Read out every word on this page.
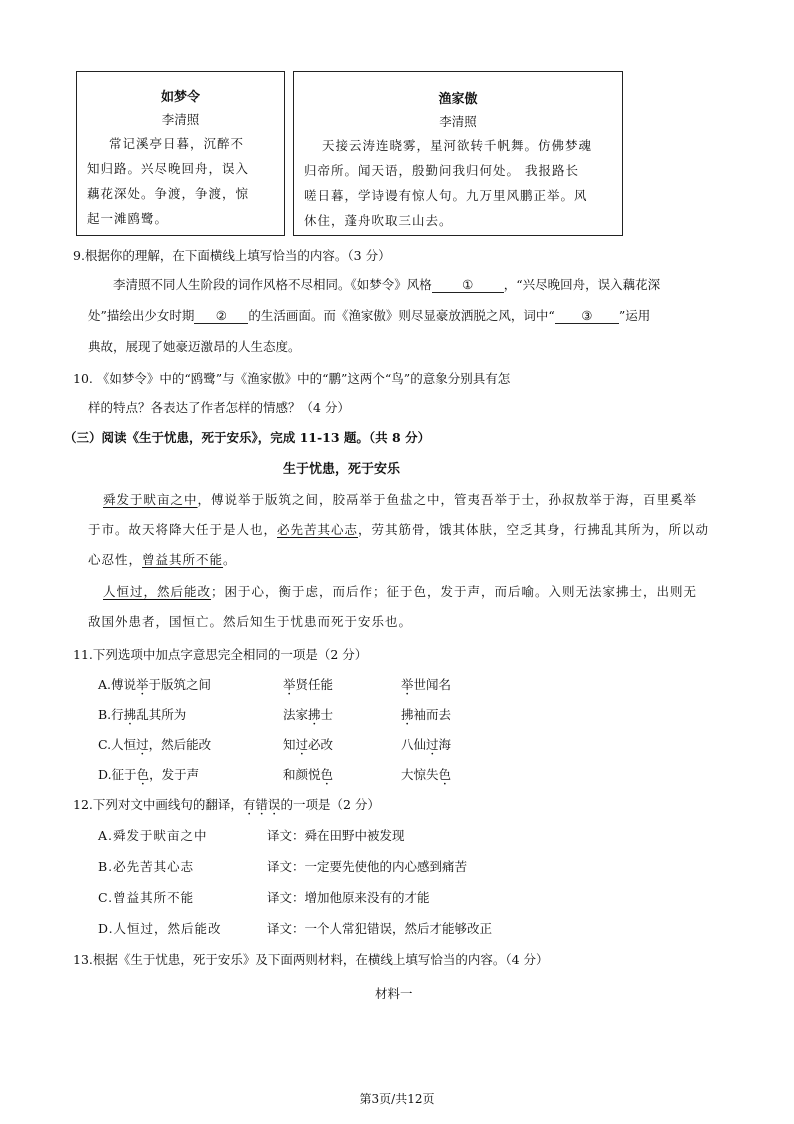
如梦令
李清照
常记溪亭日暮，沉醉不
知归路。兴尽晚回舟，误入
藕花深处。争渡，争渡，惊
起一滩鸥鹭。
渔家傲
李清照
天接云涛连晓雾，星河欲转千帆舞。仿佛梦魂
归帝所。闻天语，殷勤问我归何处。 我报路长
嗟日暮，学诗谩有惊人句。九万里风鹏正举。风
休住，蓬舟吹取三山去。
9.根据你的理解，在下面横线上填写恰当的内容。（3 分）
李清照不同人生阶段的词作风格不尽相同。《如梦令》风格 ① ，“兴尽晚回舟，误入藕花深
处”描绘出少女时期 ② 的生活画面。而《渔家傲》则尽显豪放洒脱之风，词中“ ③ ”运用
典故，展现了她豪迈激昂的人生态度。
10. 《如梦令》中的“鸥鹭”与《渔家傲》中的“鹏”这两个“鸟”的意象分别具有怎
样的特点？各表达了作者怎样的情感？（4 分）
（三）阅读《生于忧患，死于安乐》，完成 11-13 题。（共 8 分）
生于忧患，死于安乐
舜发于畎亩之中，傅说举于版筑之间，胶鬲举于鱼盐之中，管夷吾举于士，孙叔敖举于海，百里奚举
于市。故天将降大任于是人也，必先苦其心志，劳其筋骨，饿其体肤，空乏其身，行拂乱其所为，所以动
心忍性，曾益其所不能。
人恒过，然后能改；困于心，衡于虑，而后作；征于色，发于声，而后喻。入则无法家拂士，出则无
敌国外患者，国恒亡。然后知生于忧患而死于安乐也。
11.下列选项中加点字意思完全相同的一项是（2 分）
A.傅说举于版筑之间	举贤任能	举世闻名
B.行拂乱其所为	法家拂士	拂袖而去
C.人恒过，然后能改	知过必改	八仙过海
D.征于色，发于声	和颜悦色	大惊失色
12.下列对文中画线句的翻译，有错误的一项是（2 分）
A.舜发于畎亩之中	译文：舜在田野中被发现
B.必先苦其心志	译文：一定要先使他的内心感到痛苦
C.曾益其所不能	译文：增加他原来没有的才能
D.人恒过，然后能改	译文：一个人常犯错误，然后才能够改正
13.根据《生于忧患，死于安乐》及下面两则材料，在横线上填写恰当的内容。（4 分）
材料一
第3页/共12页
